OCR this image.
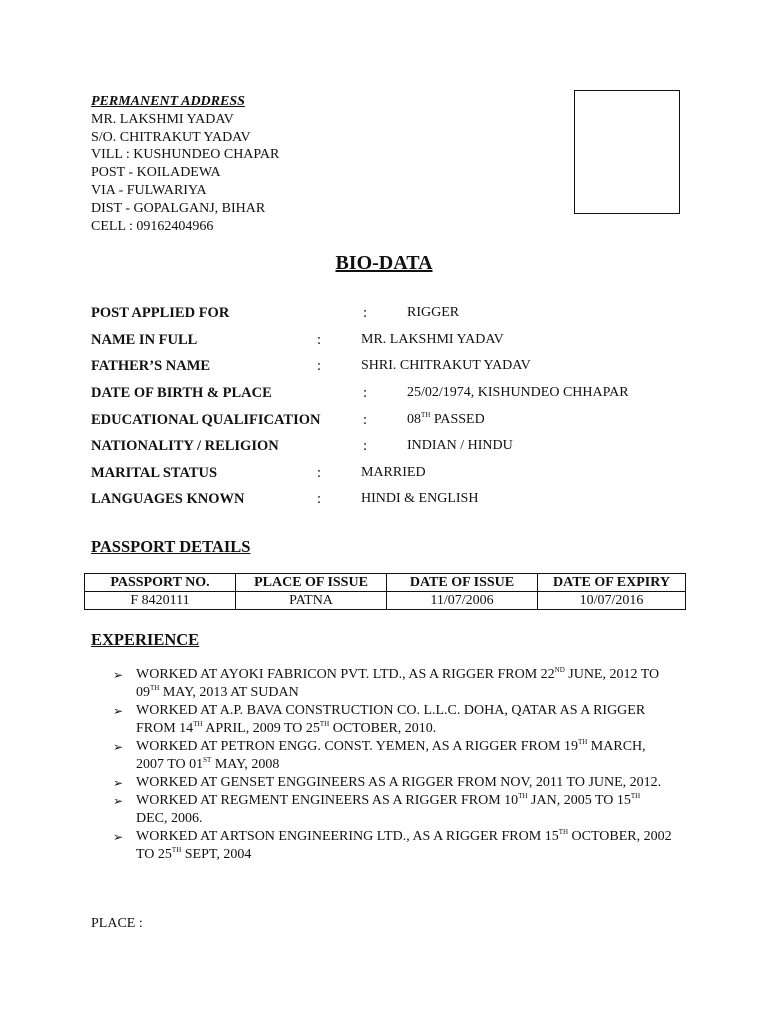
PERMANENT ADDRESS
MR. LAKSHMI YADAV
S/O. CHITRAKUT YADAV
VILL : KUSHUNDEO CHAPAR
POST - KOILADEWA
VIA - FULWARIYA
DIST - GOPALGANJ, BIHAR
CELL : 09162404966
BIO-DATA
POST APPLIED FOR	:	RIGGER
NAME IN FULL	:	MR. LAKSHMI YADAV
FATHER’S NAME	:	SHRI. CHITRAKUT YADAV
DATE OF BIRTH & PLACE	:	25/02/1974, KISHUNDEO CHHAPAR
EDUCATIONAL QUALIFICATION	:	08TH PASSED
NATIONALITY / RELIGION	:	INDIAN / HINDU
MARITAL STATUS	:	MARRIED
LANGUAGES KNOWN	:	HINDI & ENGLISH
PASSPORT DETAILS
PASSPORT NO.	PLACE OF ISSUE	DATE OF ISSUE	DATE OF EXPIRY
F 8420111	PATNA	11/07/2006	10/07/2016
EXPERIENCE
➢ WORKED AT AYOKI FABRICON PVT. LTD., AS A RIGGER FROM 22ND JUNE, 2012 TO 09TH MAY, 2013 AT SUDAN
➢ WORKED AT A.P. BAVA CONSTRUCTION CO. L.L.C. DOHA, QATAR AS A RIGGER FROM 14TH APRIL, 2009 TO 25TH OCTOBER, 2010.
➢ WORKED AT PETRON ENGG. CONST. YEMEN, AS A RIGGER FROM 19TH MARCH, 2007 TO 01ST MAY, 2008
➢ WORKED AT GENSET ENGGINEERS AS A RIGGER FROM NOV, 2011 TO JUNE, 2012.
➢ WORKED AT REGMENT ENGINEERS AS A RIGGER FROM 10TH JAN, 2005 TO 15TH DEC, 2006.
➢ WORKED AT ARTSON ENGINEERING LTD., AS A RIGGER FROM 15TH OCTOBER, 2002 TO 25TH SEPT, 2004
PLACE :
